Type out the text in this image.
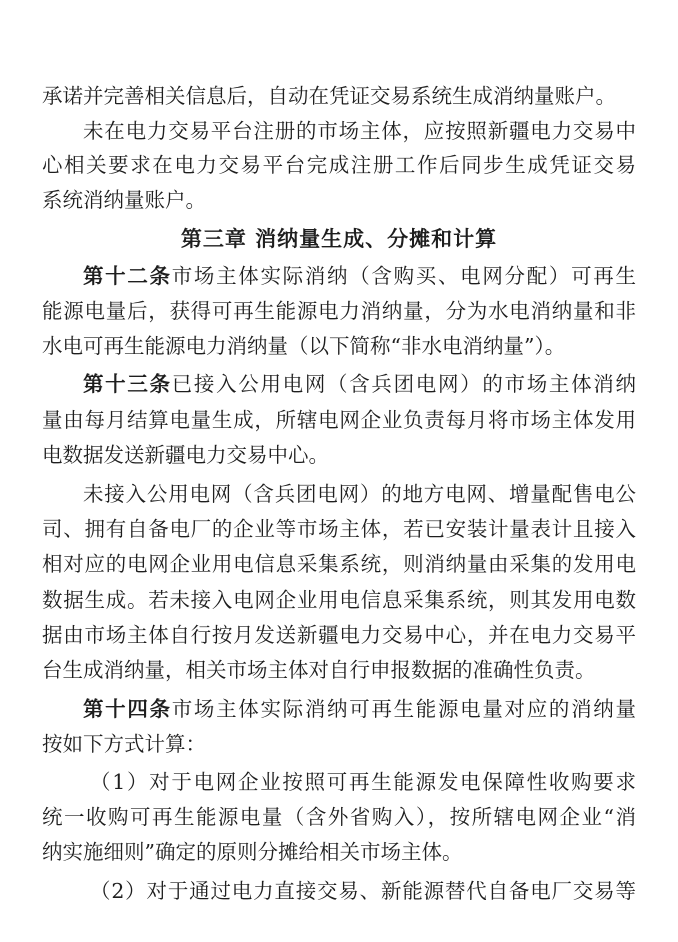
承诺并完善相关信息后，自动在凭证交易系统生成消纳量账户。
未在电力交易平台注册的市场主体，应按照新疆电力交易中
心相关要求在电力交易平台完成注册工作后同步生成凭证交易
系统消纳量账户。
第三章 消纳量生成、分摊和计算
第十二条市场主体实际消纳（含购买、电网分配）可再生
能源电量后，获得可再生能源电力消纳量，分为水电消纳量和非
水电可再生能源电力消纳量（以下简称“非水电消纳量”）。
第十三条已接入公用电网（含兵团电网）的市场主体消纳
量由每月结算电量生成，所辖电网企业负责每月将市场主体发用
电数据发送新疆电力交易中心。
未接入公用电网（含兵团电网）的地方电网、增量配售电公
司、拥有自备电厂的企业等市场主体，若已安装计量表计且接入
相对应的电网企业用电信息采集系统，则消纳量由采集的发用电
数据生成。若未接入电网企业用电信息采集系统，则其发用电数
据由市场主体自行按月发送新疆电力交易中心，并在电力交易平
台生成消纳量，相关市场主体对自行申报数据的准确性负责。
第十四条市场主体实际消纳可再生能源电量对应的消纳量
按如下方式计算：
（1）对于电网企业按照可再生能源发电保障性收购要求
统一收购可再生能源电量（含外省购入），按所辖电网企业“消
纳实施细则”确定的原则分摊给相关市场主体。
（2）对于通过电力直接交易、新能源替代自备电厂交易等
